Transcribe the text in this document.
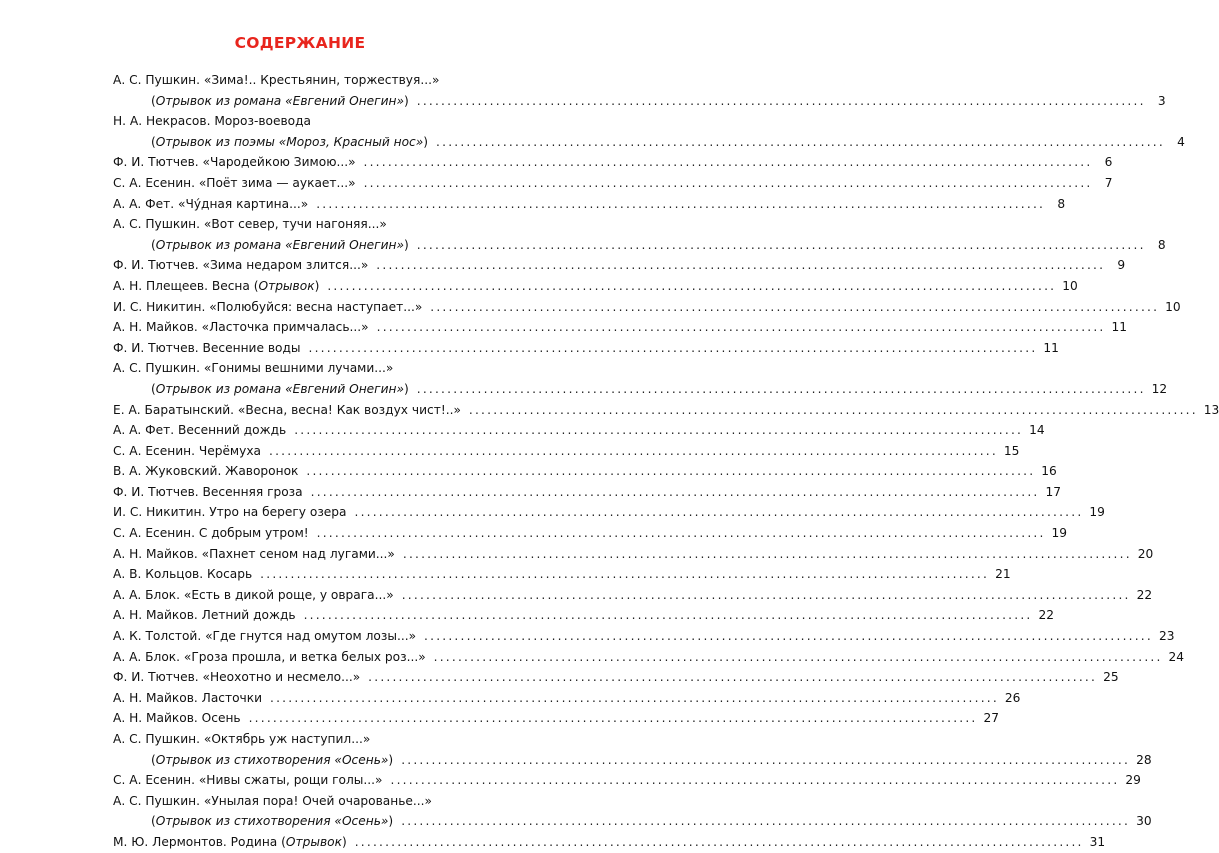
СОДЕРЖАНИЕ
А. С. Пушкин. «Зима!.. Крестьянин, торжествуя...»
(Отрывок из романа «Евгений Онегин») ........................................................................................................................	3
Н. А. Некрасов. Мороз-воевода
(Отрывок из поэмы «Мороз, Красный нос») ........................................................................................................................	4
Ф. И. Тютчев. «Чародейкою Зимою...» ........................................................................................................................	6
С. А. Есенин. «Поёт зима — аукает...» ........................................................................................................................	7
А. А. Фет. «Чу́дная картина...» ........................................................................................................................	8
А. С. Пушкин. «Вот север, тучи нагоняя...»
(Отрывок из романа «Евгений Онегин») ........................................................................................................................	8
Ф. И. Тютчев. «Зима недаром злится...» ........................................................................................................................	9
А. Н. Плещеев. Весна (Отрывок) ........................................................................................................................ 10
И. С. Никитин. «Полюбуйся: весна наступает...» ........................................................................................................................ 10
А. Н. Майков. «Ласточка примчалась...» ........................................................................................................................ 11
Ф. И. Тютчев. Весенние воды ........................................................................................................................ 11
А. С. Пушкин. «Гонимы вешними лучами...»
(Отрывок из романа «Евгений Онегин») ........................................................................................................................ 12
Е. А. Баратынский. «Весна, весна! Как воздух чист!..» ........................................................................................................................ 13
А. А. Фет. Весенний дождь ........................................................................................................................ 14
С. А. Есенин. Черёмуха ........................................................................................................................ 15
В. А. Жуковский. Жаворонок ........................................................................................................................ 16
Ф. И. Тютчев. Весенняя гроза ........................................................................................................................ 17
И. С. Никитин. Утро на берегу озера ........................................................................................................................ 19
С. А. Есенин. С добрым утром! ........................................................................................................................ 19
А. Н. Майков. «Пахнет сеном над лугами...» ........................................................................................................................ 20
А. В. Кольцов. Косарь ........................................................................................................................ 21
А. А. Блок. «Есть в дикой роще, у оврага...» ........................................................................................................................ 22
А. Н. Майков. Летний дождь ........................................................................................................................ 22
А. К. Толстой. «Где гнутся над омутом лозы...» ........................................................................................................................ 23
А. А. Блок. «Гроза прошла, и ветка белых роз...» ........................................................................................................................ 24
Ф. И. Тютчев. «Неохотно и несмело...» ........................................................................................................................ 25
А. Н. Майков. Ласточки ........................................................................................................................ 26
А. Н. Майков. Осень ........................................................................................................................ 27
А. С. Пушкин. «Октябрь уж наступил...»
(Отрывок из стихотворения «Осень») ........................................................................................................................ 28
С. А. Есенин. «Нивы сжаты, рощи голы...» ........................................................................................................................ 29
А. С. Пушкин. «Унылая пора! Очей очарованье...»
(Отрывок из стихотворения «Осень») ........................................................................................................................ 30
М. Ю. Лермонтов. Родина (Отрывок) ........................................................................................................................ 31
